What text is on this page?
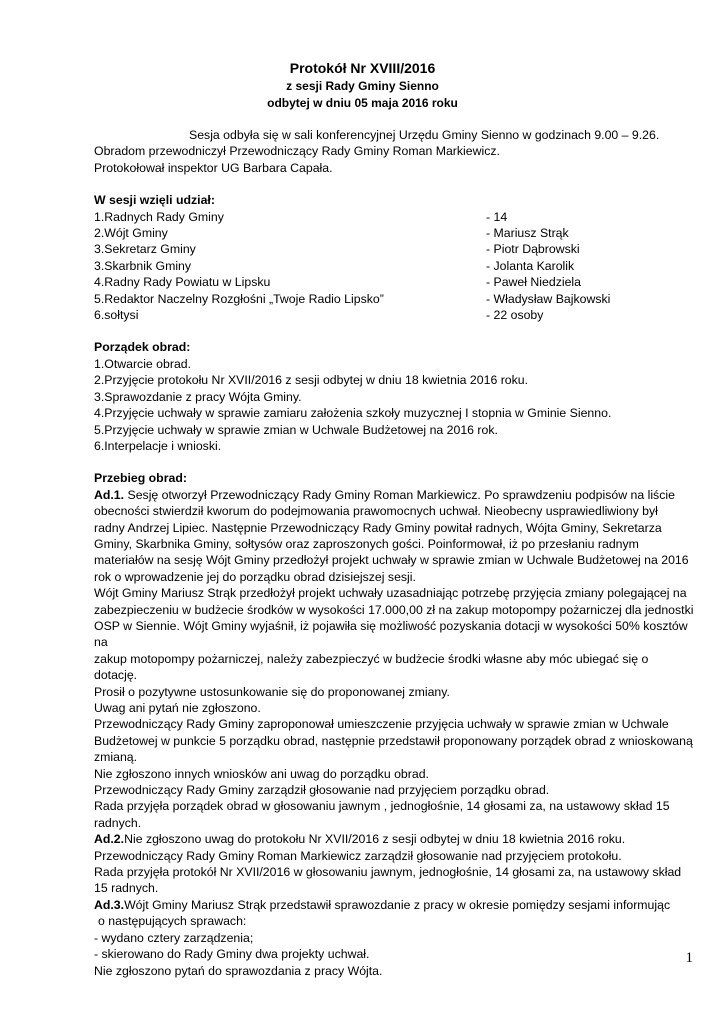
Protokół Nr XVIII/2016
z sesji Rady Gminy Sienno
odbytej w dniu 05 maja 2016 roku

Sesja odbyła się w sali konferencyjnej Urzędu Gminy Sienno w godzinach 9.00 – 9.26.

Obradom przewodniczył Przewodniczący Rady Gminy Roman Markiewicz.

Protokołował inspektor UG Barbara Capała.

W sesji wzięli udział:

1.Radnych Rady Gminy	- 14
2.Wójt Gminy	- Mariusz Strąk
3.Sekretarz Gminy	- Piotr Dąbrowski
3.Skarbnik Gminy	- Jolanta Karolik
4.Radny Rady Powiatu w Lipsku	- Paweł Niedziela
5.Redaktor Naczelny Rozgłośni „Twoje Radio Lipsko”	- Władysław Bajkowski
6.sołtysi	- 22 osoby

Porządek obrad:

1.Otwarcie obrad.

2.Przyjęcie protokołu Nr XVII/2016 z sesji odbytej w dniu 18 kwietnia 2016 roku.

3.Sprawozdanie z pracy Wójta Gminy.

4.Przyjęcie uchwały w sprawie zamiaru założenia szkoły muzycznej I stopnia w Gminie Sienno.

5.Przyjęcie uchwały w sprawie zmian w Uchwale Budżetowej na 2016 rok.

6.Interpelacje i wnioski.

Przebieg obrad:

Ad.1. Sesję otworzył Przewodniczący Rady Gminy Roman Markiewicz. Po sprawdzeniu podpisów na liście

obecności stwierdził kworum do podejmowania prawomocnych uchwał. Nieobecny usprawiedliwiony był

radny Andrzej Lipiec. Następnie Przewodniczący Rady Gminy powitał radnych, Wójta Gminy, Sekretarza

Gminy, Skarbnika Gminy, sołtysów oraz zaproszonych gości. Poinformował, iż po przesłaniu radnym

materiałów na sesję Wójt Gminy przedłożył projekt uchwały w sprawie zmian w Uchwale Budżetowej na 2016

rok o wprowadzenie jej do porządku obrad dzisiejszej sesji.

Wójt Gminy Mariusz Strąk przedłożył projekt uchwały uzasadniając potrzebę przyjęcia zmiany polegającej na

zabezpieczeniu w budżecie środków w wysokości 17.000,00 zł na zakup motopompy pożarniczej dla jednostki

OSP w Siennie. Wójt Gminy wyjaśnił, iż pojawiła się możliwość pozyskania dotacji w wysokości 50% kosztów na

zakup motopompy pożarniczej, należy zabezpieczyć w budżecie środki własne aby móc ubiegać się o dotację.

Prosił o pozytywne ustosunkowanie się do proponowanej zmiany.

Uwag ani pytań nie zgłoszono.

Przewodniczący Rady Gminy zaproponował umieszczenie przyjęcia uchwały w sprawie zmian w Uchwale

Budżetowej w punkcie 5 porządku obrad, następnie przedstawił proponowany porządek obrad z wnioskowaną

zmianą.

Nie zgłoszono innych wniosków ani uwag do porządku obrad.

Przewodniczący Rady Gminy zarządził głosowanie nad przyjęciem porządku obrad.

Rada przyjęła porządek obrad w głosowaniu jawnym , jednogłośnie, 14 głosami za, na ustawowy skład 15

radnych.

Ad.2.Nie zgłoszono uwag do protokołu Nr XVII/2016 z sesji odbytej w dniu 18 kwietnia 2016 roku.

Przewodniczący Rady Gminy Roman Markiewicz zarządził głosowanie nad przyjęciem protokołu.

Rada przyjęła protokół Nr XVII/2016 w głosowaniu jawnym, jednogłośnie, 14 głosami za, na ustawowy skład

15 radnych.

Ad.3.Wójt Gminy Mariusz Strąk przedstawił sprawozdanie z pracy w okresie pomiędzy sesjami informując

o następujących sprawach:

- wydano cztery zarządzenia;

- skierowano do Rady Gminy dwa projekty uchwał.

Nie zgłoszono pytań do sprawozdania z pracy Wójta.

1
